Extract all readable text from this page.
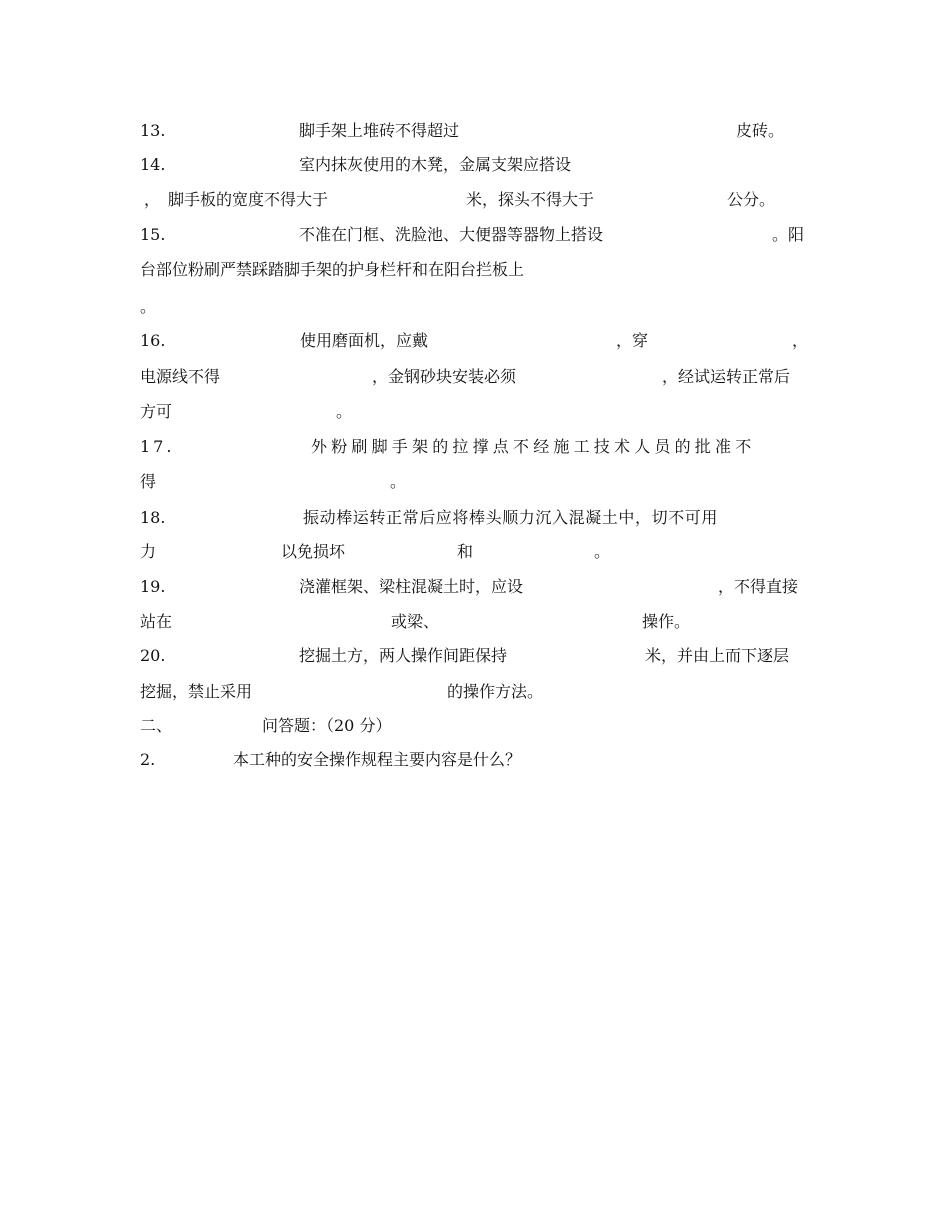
13.	脚手架上堆砖不得超过	皮砖。
14.	室内抹灰使用的木凳，金属支架应搭设
， 脚手板的宽度不得大于	米，探头不得大于	公分。
15.	不准在门框、洗脸池、大便器等器物上搭设	。阳
台部位粉刷严禁踩踏脚手架的护身栏杆和在阳台拦板上
。
16.	使用磨面机，应戴	，穿	，
电源线不得	，金钢砂块安装必须	，经试运转正常后
方可	。
17.	外粉刷脚手架的拉撑点不经施工技术人员的批准不
得	。
18.	振动棒运转正常后应将棒头顺力沉入混凝土中，切不可用
力	以免损坏	和	。
19.	浇灌框架、梁柱混凝土时，应设	，不得直接
站在	或梁、	操作。
20.	挖掘土方，两人操作间距保持	米，并由上而下逐层
挖掘，禁止采用	的操作方法。
二、	问答题：（20 分）
2.	本工种的安全操作规程主要内容是什么？
